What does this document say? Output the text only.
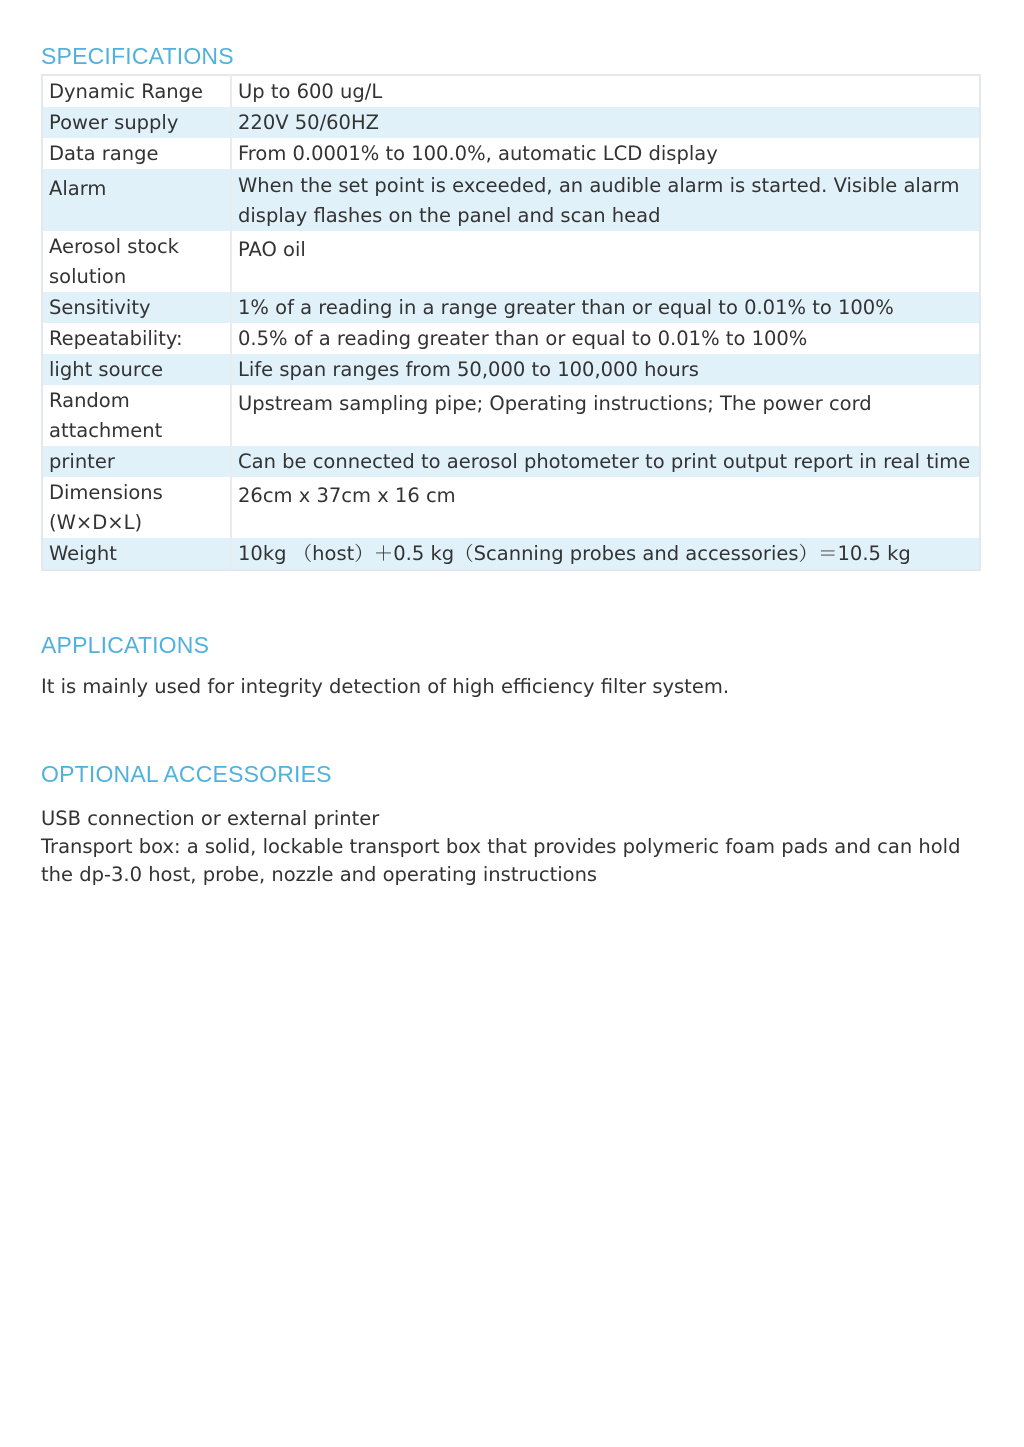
SPECIFICATIONS
Dynamic Range	Up to 600 ug/L
Power supply	220V 50/60HZ
Data range	From 0.0001% to 100.0%, automatic LCD display
Alarm	When the set point is exceeded, an audible alarm is started. Visible alarm display flashes on the panel and scan head
Aerosol stock solution	PAO oil
Sensitivity	1% of a reading in a range greater than or equal to 0.01% to 100%
Repeatability:	0.5% of a reading greater than or equal to 0.01% to 100%
light source	Life span ranges from 50,000 to 100,000 hours
Random attachment	Upstream sampling pipe; Operating instructions; The power cord
printer	Can be connected to aerosol photometer to print output report in real time
Dimensions (W×D×L)	26cm x 37cm x 16 cm
Weight	10kg （host）＋0.5 kg（Scanning probes and accessories）＝10.5 kg
APPLICATIONS

It is mainly used for integrity detection of high efficiency filter system.

OPTIONAL ACCESSORIES
USB connection or external printer
Transport box: a solid, lockable transport box that provides polymeric foam pads and can hold the dp-3.0 host, probe, nozzle and operating instructions
